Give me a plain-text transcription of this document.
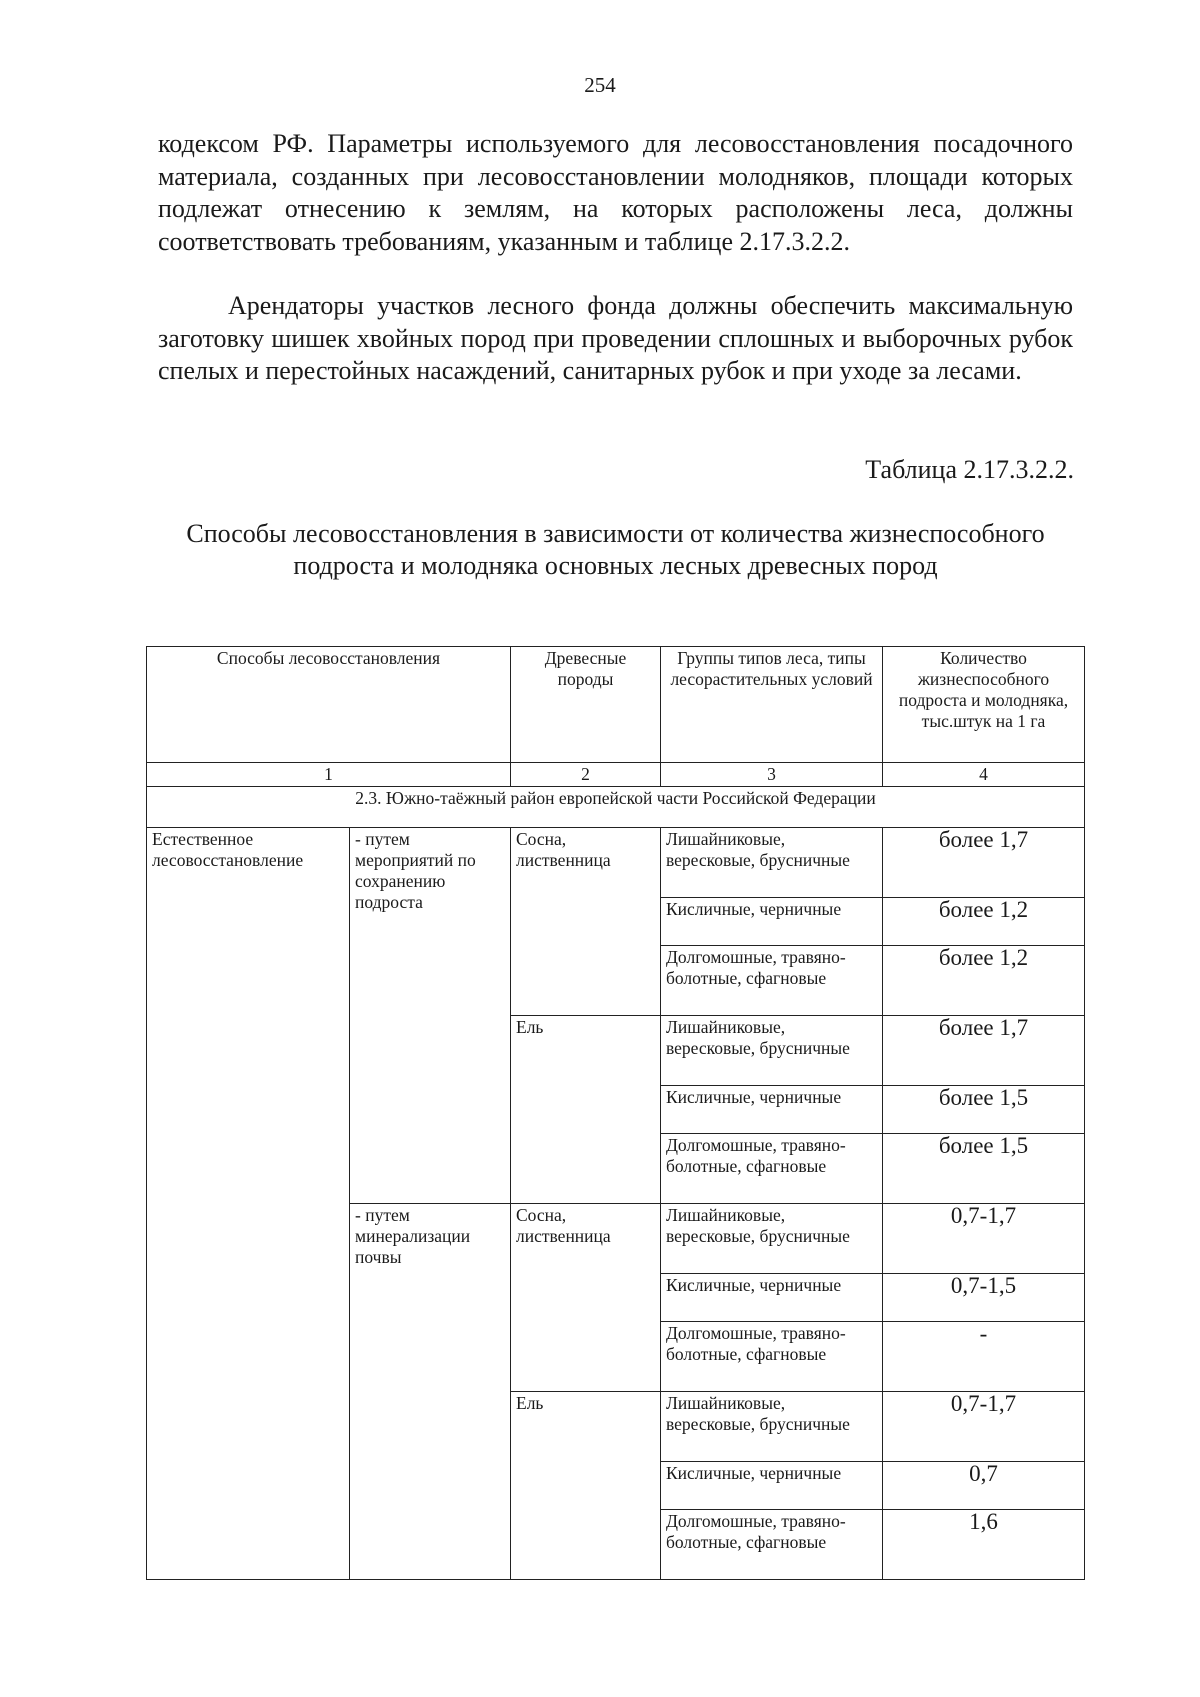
254
кодексом РФ. Параметры используемого для лесовосстановления посадочного материала, созданных при лесовосстановлении молодняков, площади которых подлежат отнесению к землям, на которых расположены леса, должны соответствовать требованиям, указанным и таблице 2.17.3.2.2.
Арендаторы участков лесного фонда должны обеспечить максимальную заготовку шишек хвойных пород при проведении сплошных и выборочных рубок спелых и перестойных насаждений, санитарных рубок и при уходе за лесами.
Таблица 2.17.3.2.2.
Способы лесовосстановления в зависимости от количества жизнеспособного подроста и молодняка основных лесных древесных пород
Способы лесовосстановления		Древесные породы	Группы типов леса, типы лесорастительных условий	Количество жизнеспособного подроста и молодняка, тыс.штук на 1 га
1		2	3	4
2.3. Южно-таёжный район европейской части Российской Федерации				
Естественное лесовосстановление	- путем мероприятий по сохранению подроста	Сосна, лиственница	Лишайниковые, вересковые, брусничные	более 1,7
			Кисличные, черничные	более 1,2
			Долгомошные, травяно-болотные, сфагновые	более 1,2
		Ель	Лишайниковые, вересковые, брусничные	более 1,7
			Кисличные, черничные	более 1,5
			Долгомошные, травяно-болотные, сфагновые	более 1,5
	- путем минерализации почвы	Сосна, лиственница	Лишайниковые, вересковые, брусничные	0,7-1,7
			Кисличные, черничные	0,7-1,5
			Долгомошные, травяно-болотные, сфагновые	-
		Ель	Лишайниковые, вересковые, брусничные	0,7-1,7
			Кисличные, черничные	0,7
			Долгомошные, травяно-болотные, сфагновые	1,6
